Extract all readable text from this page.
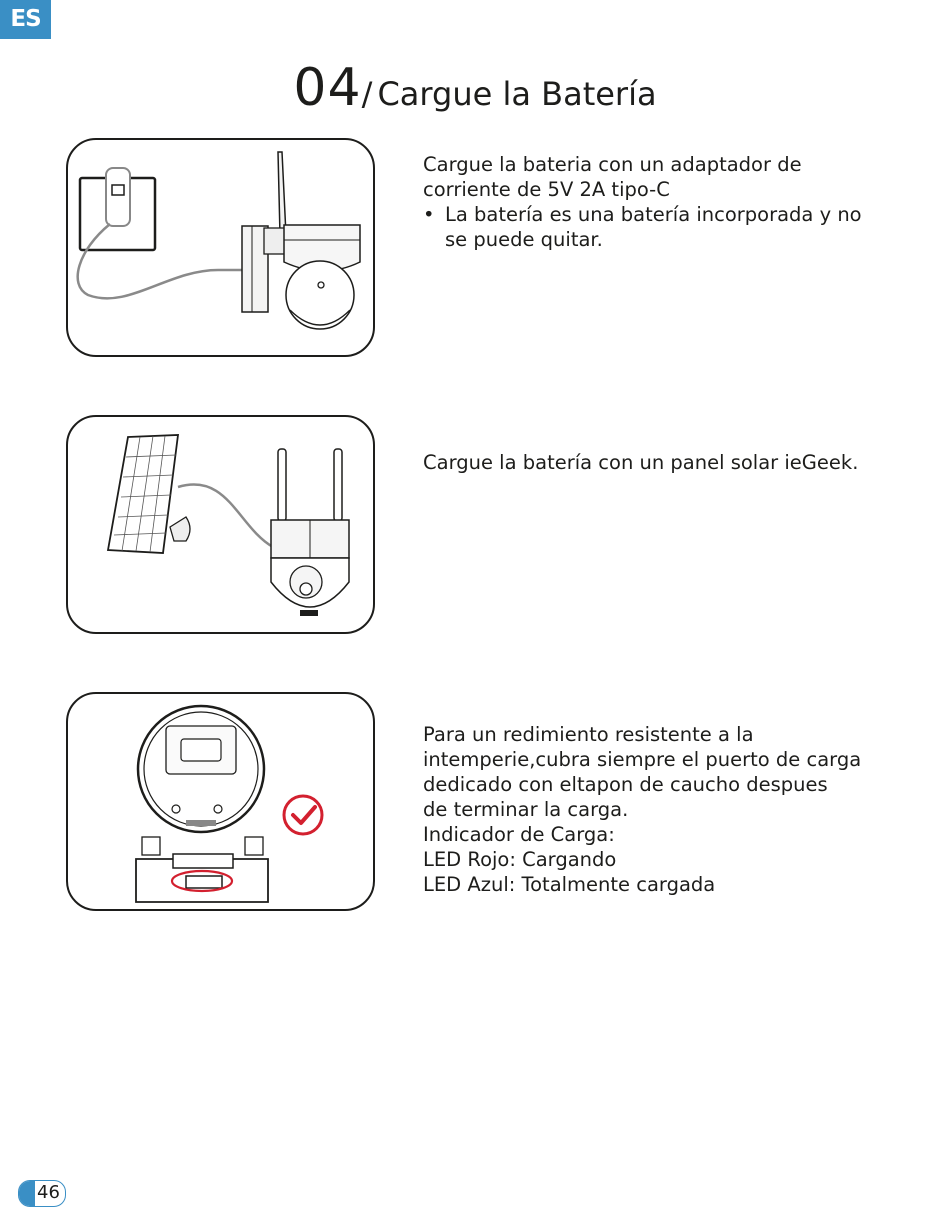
ES
04/ Cargue la Batería

Cargue la bateria con un adaptador de

corriente de 5V 2A tipo-C

• La batería es una batería incorporada y no

se puede quitar.

Cargue la batería con un panel solar ieGeek.

Para un redimiento resistente a la

intemperie,cubra siempre el puerto de carga

dedicado con eltapon de caucho despues

de terminar la carga.

Indicador de Carga:

LED Rojo: Cargando

LED Azul: Totalmente cargada

46
